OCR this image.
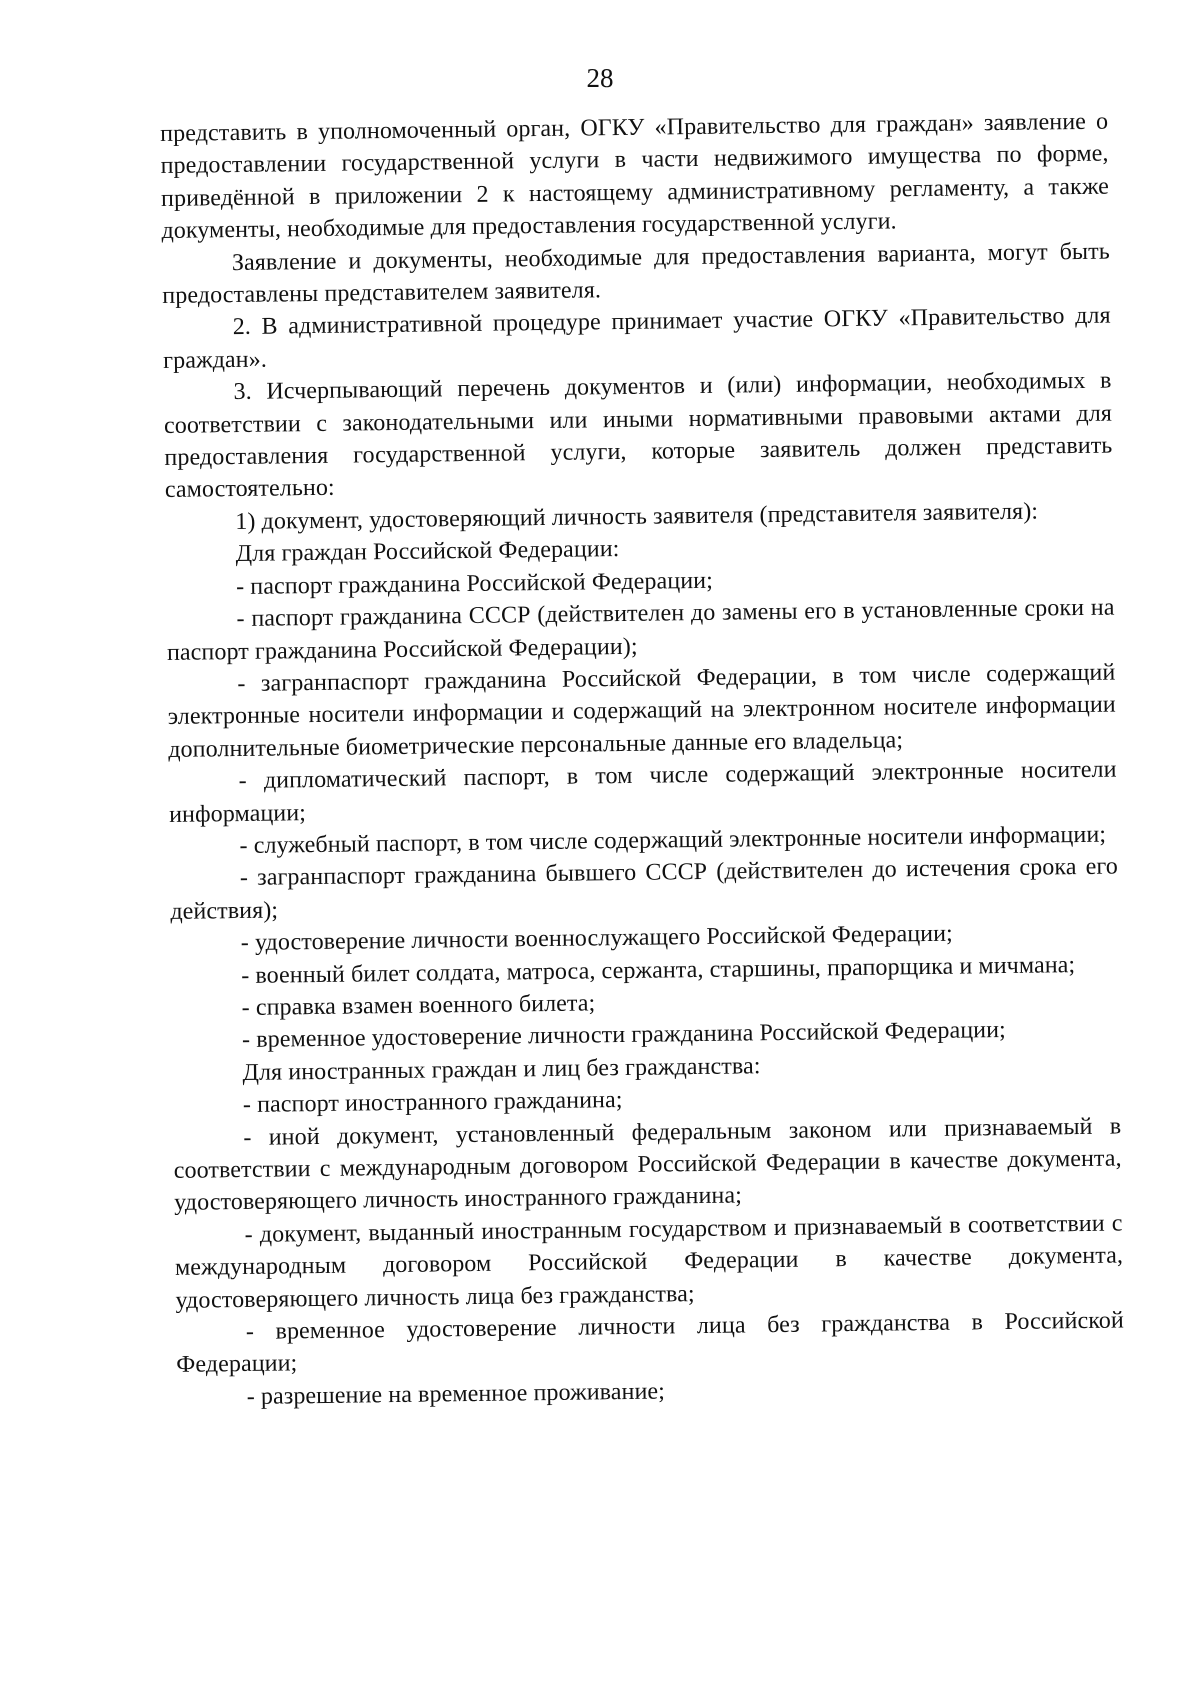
28

представить в уполномоченный орган, ОГКУ «Правительство для граждан» заявление о предоставлении государственной услуги в части недвижимого имущества по форме, приведённой в приложении 2 к настоящему административному регламенту, а также документы, необходимые для предоставления государственной услуги.

Заявление и документы, необходимые для предоставления варианта, могут быть предоставлены представителем заявителя.

2. В административной процедуре принимает участие ОГКУ «Правительство для граждан».

3. Исчерпывающий перечень документов и (или) информации, необходимых в соответствии с законодательными или иными нормативными правовыми актами для предоставления государственной услуги, которые заявитель должен представить самостоятельно:

1) документ, удостоверяющий личность заявителя (представителя заявителя):

Для граждан Российской Федерации:

- паспорт гражданина Российской Федерации;

- паспорт гражданина СССР (действителен до замены его в установленные сроки на паспорт гражданина Российской Федерации);

- загранпаспорт гражданина Российской Федерации, в том числе содержащий электронные носители информации и содержащий на электронном носителе информации дополнительные биометрические персональные данные его владельца;

- дипломатический паспорт, в том числе содержащий электронные носители информации;

- служебный паспорт, в том числе содержащий электронные носители информации;

- загранпаспорт гражданина бывшего СССР (действителен до истечения срока его действия);

- удостоверение личности военнослужащего Российской Федерации;

- военный билет солдата, матроса, сержанта, старшины, прапорщика и мичмана;

- справка взамен военного билета;

- временное удостоверение личности гражданина Российской Федерации;

Для иностранных граждан и лиц без гражданства:

- паспорт иностранного гражданина;

- иной документ, установленный федеральным законом или признаваемый в соответствии с международным договором Российской Федерации в качестве документа, удостоверяющего личность иностранного гражданина;

- документ, выданный иностранным государством и признаваемый в соответствии с международным договором Российской Федерации в качестве документа, удостоверяющего личность лица без гражданства;

- временное удостоверение личности лица без гражданства в Российской Федерации;

- разрешение на временное проживание;
